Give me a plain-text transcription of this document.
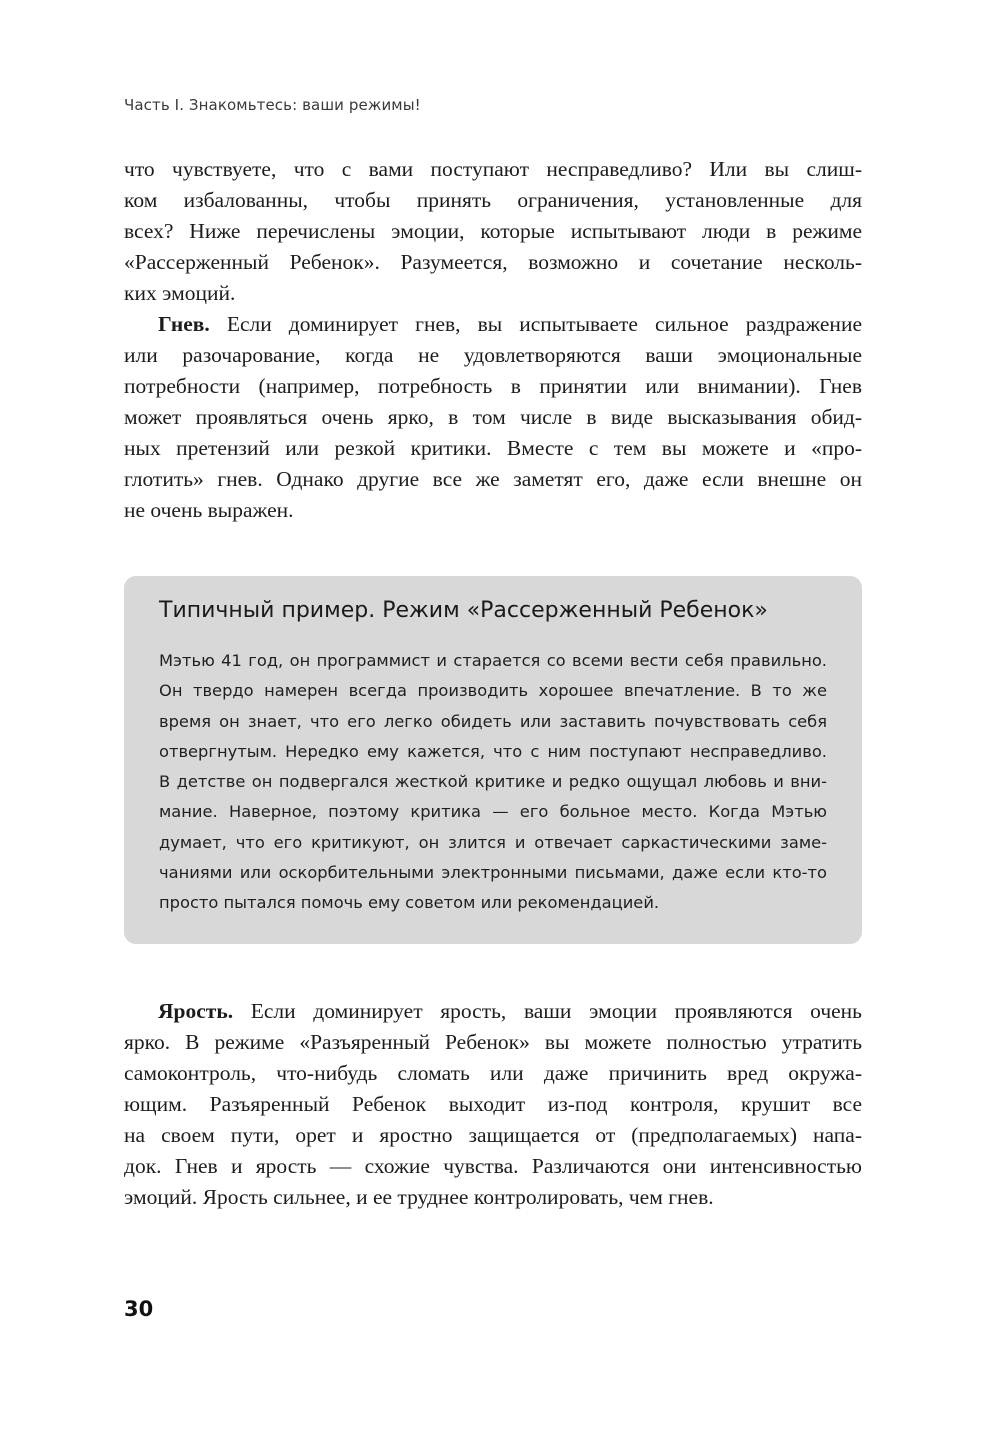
Часть I. Знакомьтесь: ваши режимы!
что чувствуете, что с вами поступают несправедливо? Или вы слиш-
ком избалованны, чтобы принять ограничения, установленные для
всех? Ниже перечислены эмоции, которые испытывают люди в режиме
«Рассерженный Ребенок». Разумеется, возможно и сочетание несколь-
ких эмоций.
Гнев. Если доминирует гнев, вы испытываете сильное раздражение
или разочарование, когда не удовлетворяются ваши эмоциональные
потребности (например, потребность в принятии или внимании). Гнев
может проявляться очень ярко, в том числе в виде высказывания обид-
ных претензий или резкой критики. Вместе с тем вы можете и «про-
глотить» гнев. Однако другие все же заметят его, даже если внешне он
не очень выражен.
Типичный пример. Режим «Рассерженный Ребенок»
Мэтью 41 год, он программист и старается со всеми вести себя правильно.
Он твердо намерен всегда производить хорошее впечатление. В то же
время он знает, что его легко обидеть или заставить почувствовать себя
отвергнутым. Нередко ему кажется, что с ним поступают несправедливо.
В детстве он подвергался жесткой критике и редко ощущал любовь и вни-
мание. Наверное, поэтому критика — его больное место. Когда Мэтью
думает, что его критикуют, он злится и отвечает саркастическими заме-
чаниями или оскорбительными электронными письмами, даже если кто-то
просто пытался помочь ему советом или рекомендацией.
Ярость. Если доминирует ярость, ваши эмоции проявляются очень
ярко. В режиме «Разъяренный Ребенок» вы можете полностью утратить
самоконтроль, что-нибудь сломать или даже причинить вред окружа-
ющим. Разъяренный Ребенок выходит из-под контроля, крушит все
на своем пути, орет и яростно защищается от (предполагаемых) напа-
док. Гнев и ярость — схожие чувства. Различаются они интенсивностью
эмоций. Ярость сильнее, и ее труднее контролировать, чем гнев.
30
